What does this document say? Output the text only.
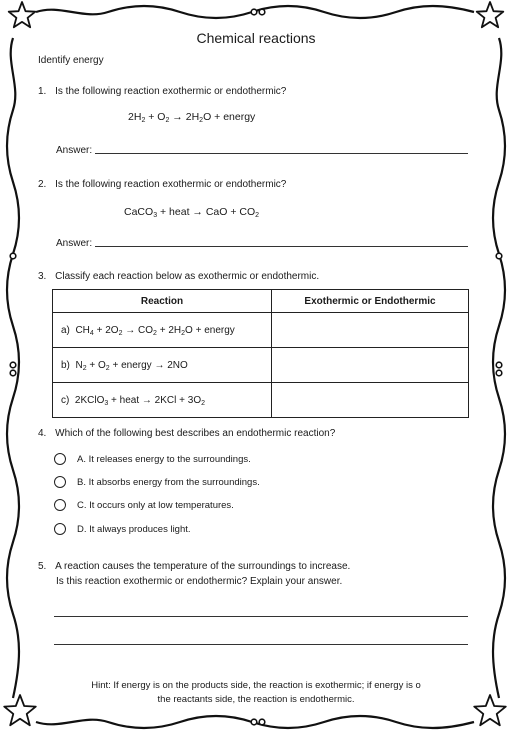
Chemical reactions
Identify energy
1. Is the following reaction exothermic or endothermic?
$2H_2 + O_2 \to 2H_2O$ + energy
Answer:
2. Is the following reaction exothermic or endothermic?
CaCO$_3$ + heat → CaO + $CO_2$
Answer:
3. Classify each reaction below as exothermic or endothermic.
Reaction	Exothermic or Endothermic
a)  $CH_4 + 2O_2 \to CO_2 + 2H_2O$ + energy	
b)  $N_2 + O_2$ + energy → 2NO	
c)  2KClO$_3$ + heat → $2KCl + 3O_2$	
4. Which of the following best describes an endothermic reaction?
A. It releases energy to the surroundings.
B. It absorbs energy from the surroundings.
C. It occurs only at low temperatures.
D. It always produces light.
5. A reaction causes the temperature of the surroundings to increase.
Is this reaction exothermic or endothermic? Explain your answer.
Hint: If energy is on the products side, the reaction is exothermic; if energy is o
the reactants side, the reaction is endothermic.
